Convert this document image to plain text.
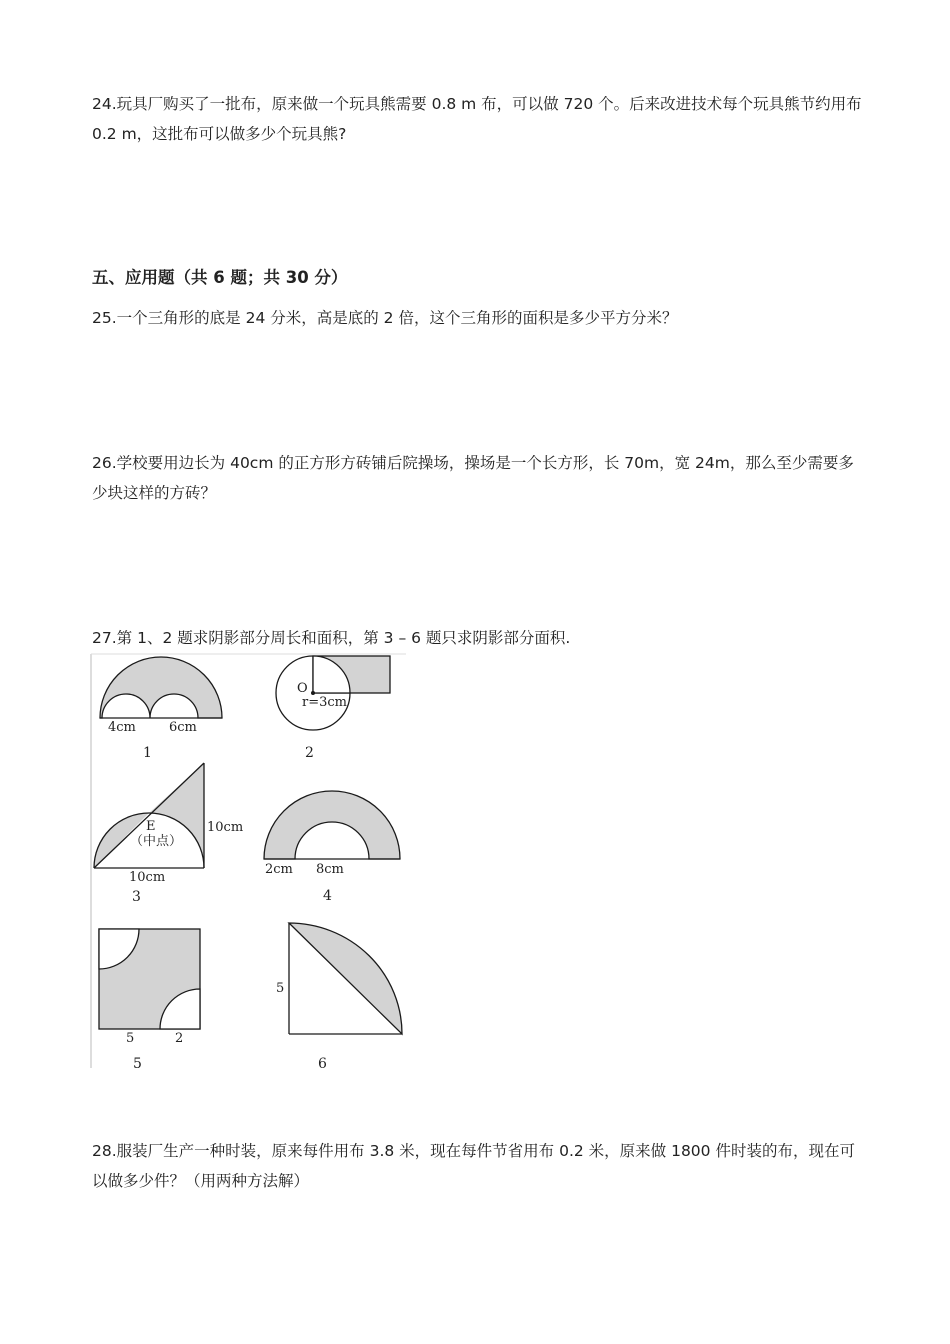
24.玩具厂购买了一批布，原来做一个玩具熊需要 0.8 m 布，可以做 720 个。后来改进技术每个玩具熊节约用布 0.2 m，这批布可以做多少个玩具熊?
五、应用题（共 6 题；共 30 分）
25.一个三角形的底是 24 分米，高是底的 2 倍，这个三角形的面积是多少平方分米？
26.学校要用边长为 40cm 的正方形方砖铺后院操场，操场是一个长方形，长 70m，宽 24m，那么至少需要多少块这样的方砖？
27.第 1、2 题求阴影部分周长和面积，第 3 – 6 题只求阴影部分面积.
4cm	6cm
1
O
r=3cm
2
E
（中点）
10cm
10cm
3
2cm 8cm
4
5	2
5
5
6
28.服装厂生产一种时装，原来每件用布 3.8 米，现在每件节省用布 0.2 米，原来做 1800 件时装的布，现在可以做多少件？（用两种方法解）
